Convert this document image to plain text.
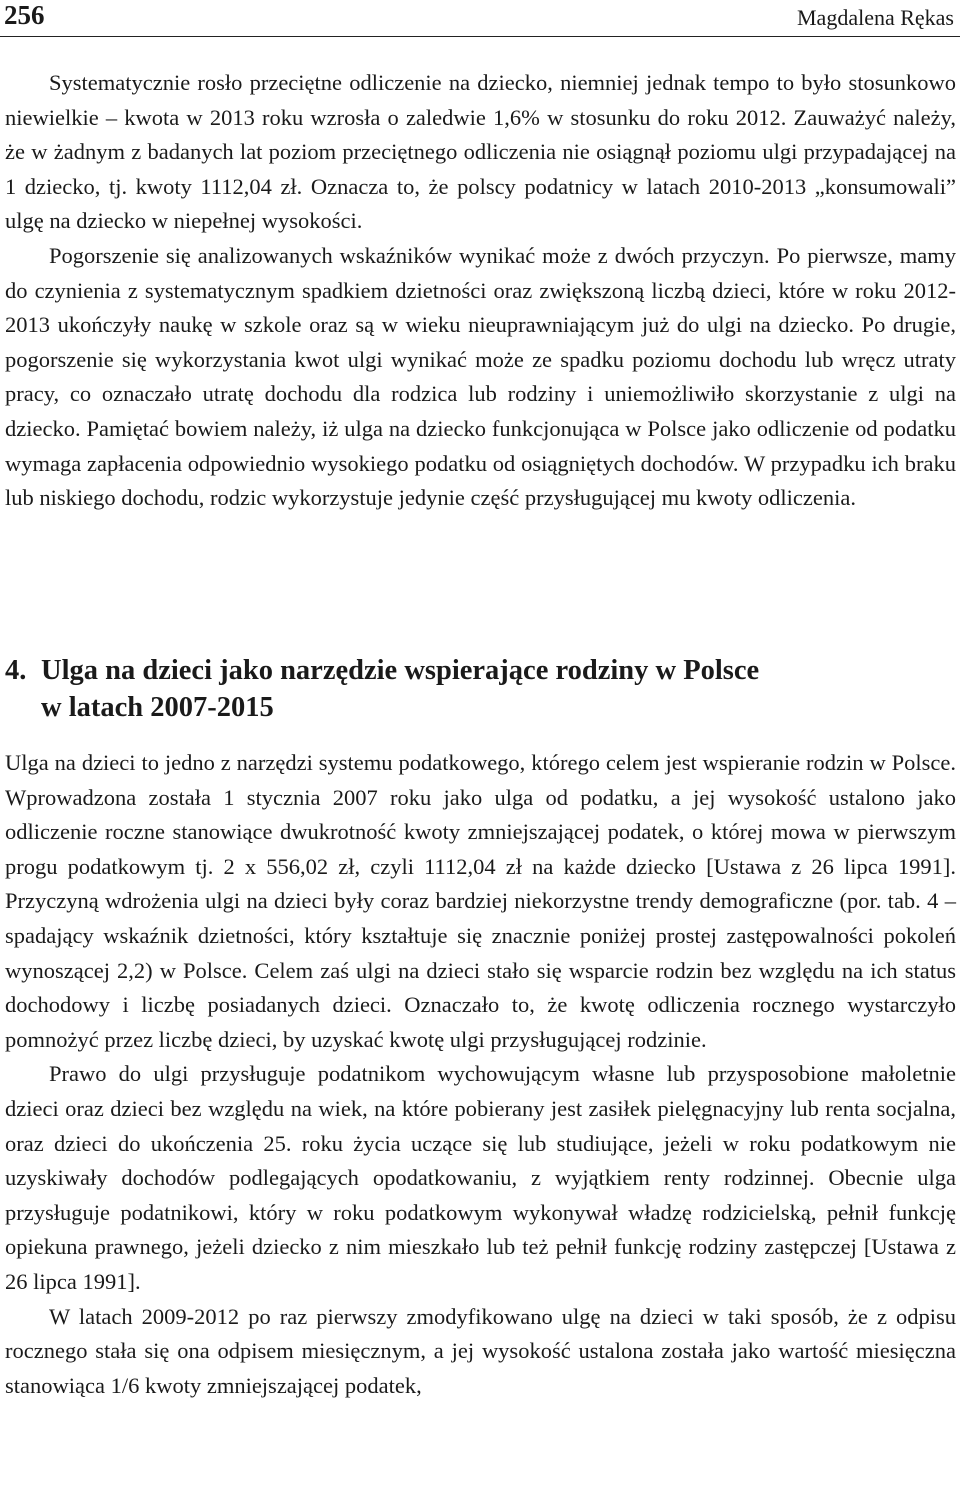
256	Magdalena Rękas

Systematycznie rosło przeciętne odliczenie na dziecko, niemniej jednak tempo to było stosunkowo niewielkie – kwota w 2013 roku wzrosła o zaledwie 1,6% w stosunku do roku 2012. Zauważyć należy, że w żadnym z badanych lat poziom przeciętnego odliczenia nie osiągnął poziomu ulgi przypadającej na 1 dziecko, tj. kwoty 1112,04 zł. Oznacza to, że polscy podatnicy w latach 2010-2013 „konsumowali” ulgę na dziecko w niepełnej wysokości.

Pogorszenie się analizowanych wskaźników wynikać może z dwóch przyczyn. Po pierwsze, mamy do czynienia z systematycznym spadkiem dzietności oraz zwiększoną liczbą dzieci, które w roku 2012-2013 ukończyły naukę w szkole oraz są w wieku nieuprawniającym już do ulgi na dziecko. Po drugie, pogorszenie się wykorzystania kwot ulgi wynikać może ze spadku poziomu dochodu lub wręcz utraty pracy, co oznaczało utratę dochodu dla rodzica lub rodziny i uniemożliwiło skorzystanie z ulgi na dziecko. Pamiętać bowiem należy, iż ulga na dziecko funkcjonująca w Polsce jako odliczenie od podatku wymaga zapłacenia odpowiednio wysokiego podatku od osiągniętych dochodów. W przypadku ich braku lub niskiego dochodu, rodzic wykorzystuje jedynie część przysługującej mu kwoty odliczenia.

4. Ulga na dzieci jako narzędzie wspierające rodziny w Polsce
w latach 2007-2015

Ulga na dzieci to jedno z narzędzi systemu podatkowego, którego celem jest wspieranie rodzin w Polsce. Wprowadzona została 1 stycznia 2007 roku jako ulga od podatku, a jej wysokość ustalono jako odliczenie roczne stanowiące dwukrotność kwoty zmniejszającej podatek, o której mowa w pierwszym progu podatkowym tj. 2 x 556,02 zł, czyli 1112,04 zł na każde dziecko [Ustawa z 26 lipca 1991]. Przyczyną wdrożenia ulgi na dzieci były coraz bardziej niekorzystne trendy demograficzne (por. tab. 4 – spadający wskaźnik dzietności, który kształtuje się znacznie poniżej prostej zastępowalności pokoleń wynoszącej 2,2) w Polsce. Celem zaś ulgi na dzieci stało się wsparcie rodzin bez względu na ich status dochodowy i liczbę posiadanych dzieci. Oznaczało to, że kwotę odliczenia rocznego wystarczyło pomnożyć przez liczbę dzieci, by uzyskać kwotę ulgi przysługującej rodzinie.

Prawo do ulgi przysługuje podatnikom wychowującym własne lub przysposobione małoletnie dzieci oraz dzieci bez względu na wiek, na które pobierany jest zasiłek pielęgnacyjny lub renta socjalna, oraz dzieci do ukończenia 25. roku życia uczące się lub studiujące, jeżeli w roku podatkowym nie uzyskiwały dochodów podlegających opodatkowaniu, z wyjątkiem renty rodzinnej. Obecnie ulga przysługuje podatnikowi, który w roku podatkowym wykonywał władzę rodzicielską, pełnił funkcję opiekuna prawnego, jeżeli dziecko z nim mieszkało lub też pełnił funkcję rodziny zastępczej [Ustawa z 26 lipca 1991].

W latach 2009-2012 po raz pierwszy zmodyfikowano ulgę na dzieci w taki sposób, że z odpisu rocznego stała się ona odpisem miesięcznym, a jej wysokość ustalona została jako wartość miesięczna stanowiąca 1/6 kwoty zmniejszającej podatek,
